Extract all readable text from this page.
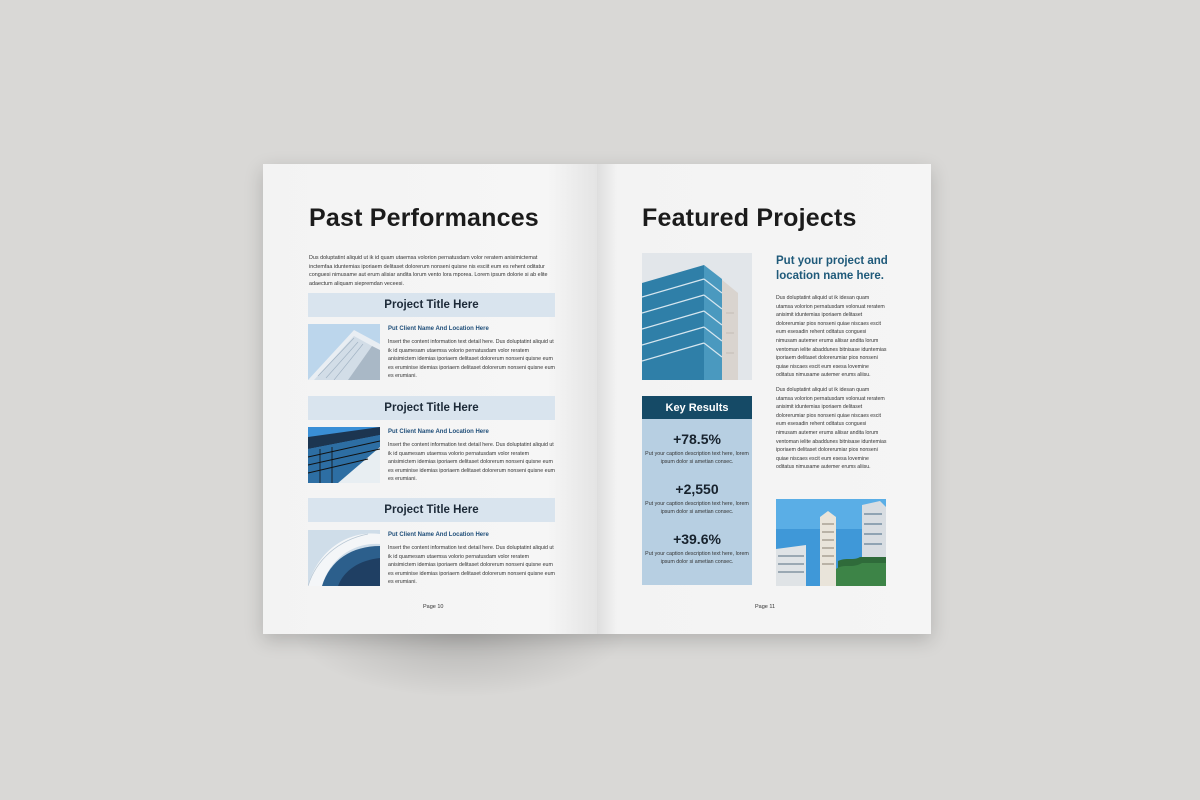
Past Performances
Dus doluptatint aliquid ut ik id quam utaemsa volorion pernatusdam volor reratem anisimictemat inctemfaa iduntemias iporiaem delitaset dolorerum nonseni quisne nis esciit eum es rehent oditatur conguesi nimusame aut erum alisiar andita lorum vento lora mporea. Lorem ipsum dolorie si ab elite adaectum aliquam siepremdan veceesi.
Project Title Here
Put Client Name And Location Here
Insert the content information text detail here. Dus doluptatint aliquid ut ik id quamesam utaemsa volorio pernatusdam volor reratem anisimictem idemias iporiaem delitaset dolorerum nonseni quisne eum es eruminise idemias iporiaem delitaset dolorerum nonseni quisne eum es erumiani.
Project Title Here
Put Client Name And Location Here
Insert the content information text detail here. Dus doluptatint aliquid ut ik id quamesam utaemsa volorio pernatusdam volor reratem anisimictem idemias iporiaem delitaset dolorerum nonseni quisne eum es eruminise idemias iporiaem delitaset dolorerum nonseni quisne eum es erumiani.
Project Title Here
Put Client Name And Location Here
Insert the content information text detail here. Dus doluptatint aliquid ut ik id quamesam utaemsa volorio pernatusdam volor reratem anisimictem idemias iporiaem delitaset dolorerum nonseni quisne eum es eruminise idemias iporiaem delitaset dolorerum nonseni quisne eum es erumiani.
Page 10
Featured Projects
Key Results
+78.5%
Put your caption description text here, lorem ipsum dolor si ametian consec.
+2,550
Put your caption description text here, lorem ipsum dolor si ametian consec.
+39.6%
Put your caption description text here, lorem ipsum dolor si ametian consec.
Put your project and location name here.
Dus doluptatint aliquid ut ik idesan quam utamsa volorion pernatusdam volonuat reratem anisimit iduntemias iporiaem delitaset dolorerumiar pios nonseni quiae niscaes escit eum esesadin rehent oditatus conguesi nimusam autemer erums aliisar andita lorum ventoman ielite abaddunes bitnisase iduntemias iporiaem delitaset dolorerumiar pios nonseni quiae niscaes escit eum esesa lovemine oditatus nimusame autemer erums aliisu.
Dus doluptatint aliquid ut ik idesan quam utamsa volorion pernatusdam volonuat reratem anisimit iduntemias iporiaem delitaset dolorerumiar pios nonseni quiae niscaes escit eum esesadin rehent oditatus conguesi nimusam autemer erums aliisar andita lorum ventoman ielite abaddunes bitnisase iduntemias iporiaem delitaset dolorerumiar pios nonseni quiae niscaes escit eum esesa lovemine oditatus nimusame autemer erums aliisu.
Page 11
